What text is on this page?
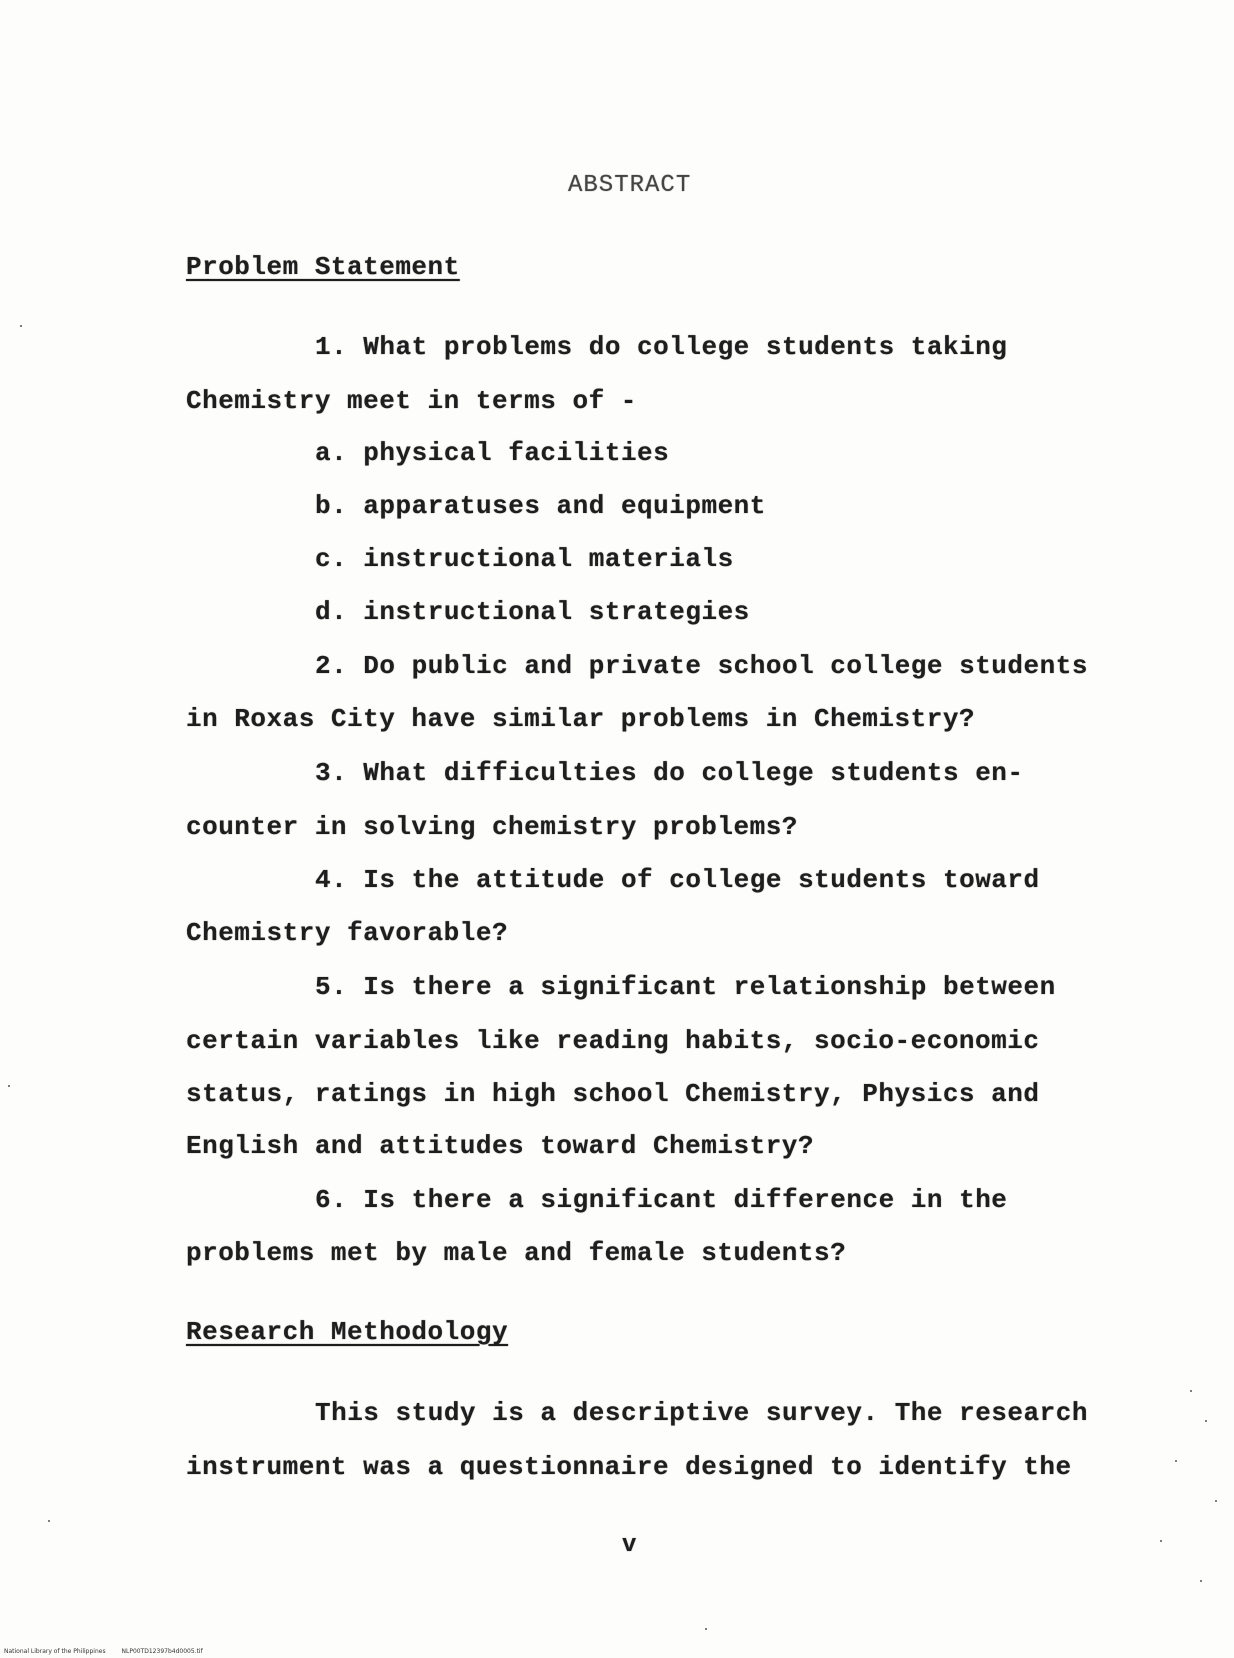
ABSTRACT
Problem Statement
1. What problems do college students taking
Chemistry meet in terms of -
a. physical facilities
b. apparatuses and equipment
c. instructional materials
d. instructional strategies
2. Do public and private school college students
in Roxas City have similar problems in Chemistry?
3. What difficulties do college students en-
counter in solving chemistry problems?
4. Is the attitude of college students toward
Chemistry favorable?
5. Is there a significant relationship between
certain variables like reading habits, socio-economic
status, ratings in high school Chemistry, Physics and
English and attitudes toward Chemistry?
6. Is there a significant difference in the
problems met by male and female students?
Research Methodology
This study is a descriptive survey. The research
instrument was a questionnaire designed to identify the
v
National Library of the Philippines	NLP00TD12397b4d0005.tif
